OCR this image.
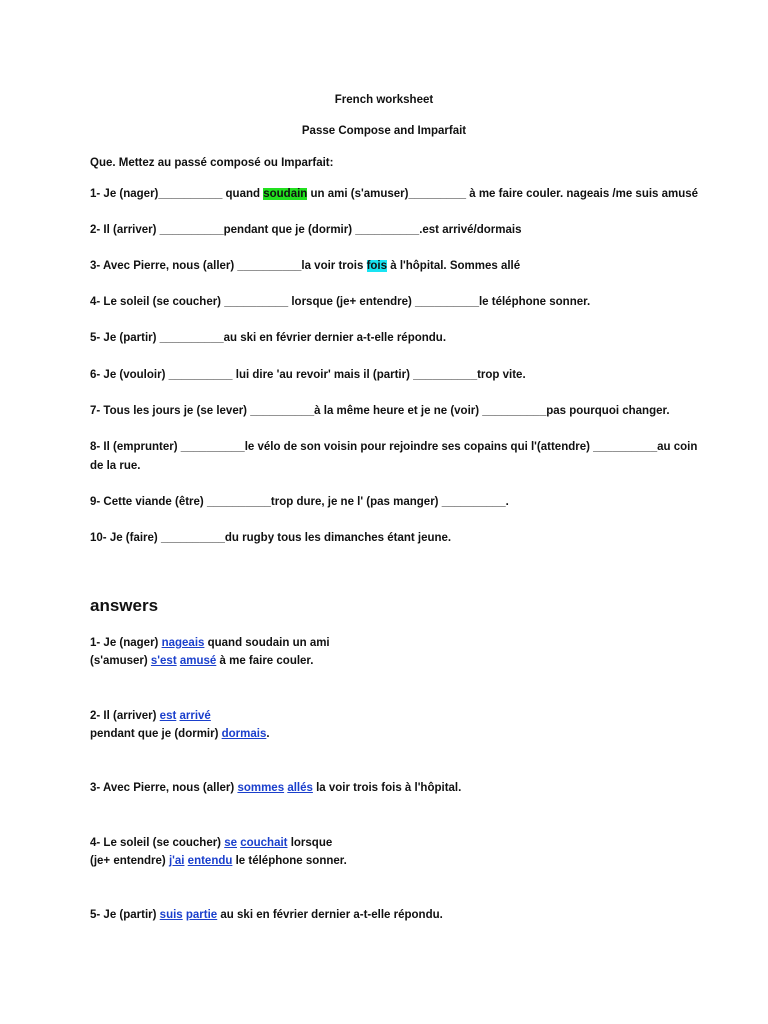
French worksheet
Passe Compose and Imparfait
Que. Mettez au passé composé ou Imparfait:
1- Je (nager)__________ quand soudain un ami (s'amuser)_________ à me faire couler. nageais /me suis amusé
2- Il (arriver) __________pendant que je (dormir) __________.est arrivé/dormais
3- Avec Pierre, nous (aller) __________la voir trois fois à l'hôpital. Sommes allé
4- Le soleil (se coucher) __________ lorsque (je+ entendre) __________le téléphone sonner.
5- Je (partir) __________au ski en février dernier a-t-elle répondu.
6- Je (vouloir) __________ lui dire 'au revoir' mais il (partir) __________trop vite.
7- Tous les jours je (se lever) __________à la même heure et je ne (voir) __________pas pourquoi changer.
8- Il (emprunter) __________le vélo de son voisin pour rejoindre ses copains qui l'(attendre) __________au coin
de la rue.
9- Cette viande (être) __________trop dure, je ne l' (pas manger) __________.
10- Je (faire) __________du rugby tous les dimanches étant jeune.
answers
1- Je (nager) nageais quand soudain un ami
(s'amuser) s'est amusé à me faire couler.
2- Il (arriver) est arrivé
pendant que je (dormir) dormais.
3- Avec Pierre, nous (aller) sommes allés la voir trois fois à l'hôpital.
4- Le soleil (se coucher) se couchait lorsque
(je+ entendre) j'ai entendu le téléphone sonner.
5- Je (partir) suis partie au ski en février dernier a-t-elle répondu.
